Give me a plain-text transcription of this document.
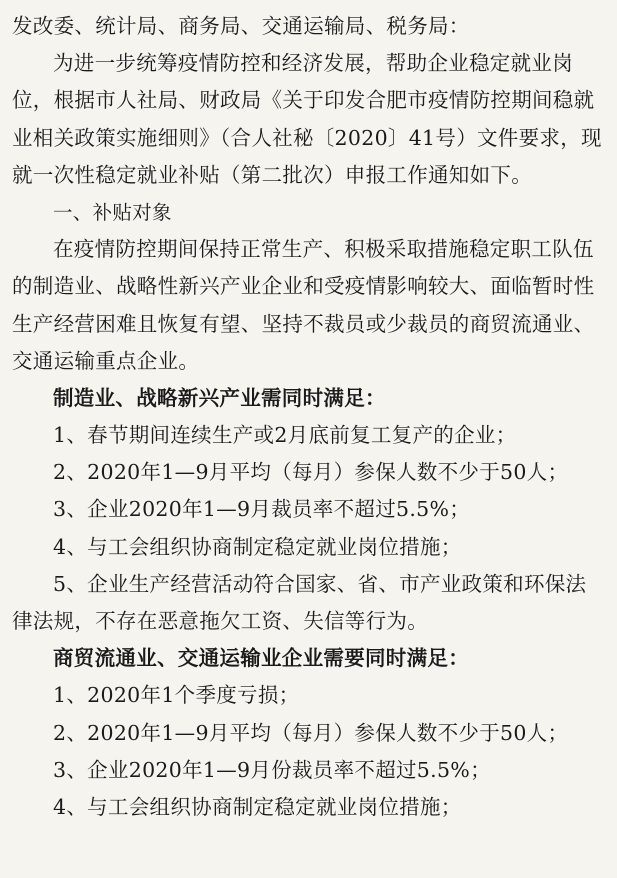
发改委、统计局、商务局、交通运输局、税务局：
为进一步统筹疫情防控和经济发展，帮助企业稳定就业岗
位，根据市人社局、财政局《关于印发合肥市疫情防控期间稳就
业相关政策实施细则》（合人社秘〔2020〕41号）文件要求，现
就一次性稳定就业补贴（第二批次）申报工作通知如下。
一、补贴对象
在疫情防控期间保持正常生产、积极采取措施稳定职工队伍
的制造业、战略性新兴产业企业和受疫情影响较大、面临暂时性
生产经营困难且恢复有望、坚持不裁员或少裁员的商贸流通业、
交通运输重点企业。
制造业、战略新兴产业需同时满足：
1、春节期间连续生产或2月底前复工复产的企业；
2、2020年1—9月平均（每月）参保人数不少于50人；
3、企业2020年1—9月裁员率不超过5.5%；
4、与工会组织协商制定稳定就业岗位措施；
5、企业生产经营活动符合国家、省、市产业政策和环保法
律法规，不存在恶意拖欠工资、失信等行为。
商贸流通业、交通运输业企业需要同时满足：
1、2020年1个季度亏损；
2、2020年1—9月平均（每月）参保人数不少于50人；
3、企业2020年1—9月份裁员率不超过5.5%；
4、与工会组织协商制定稳定就业岗位措施；
